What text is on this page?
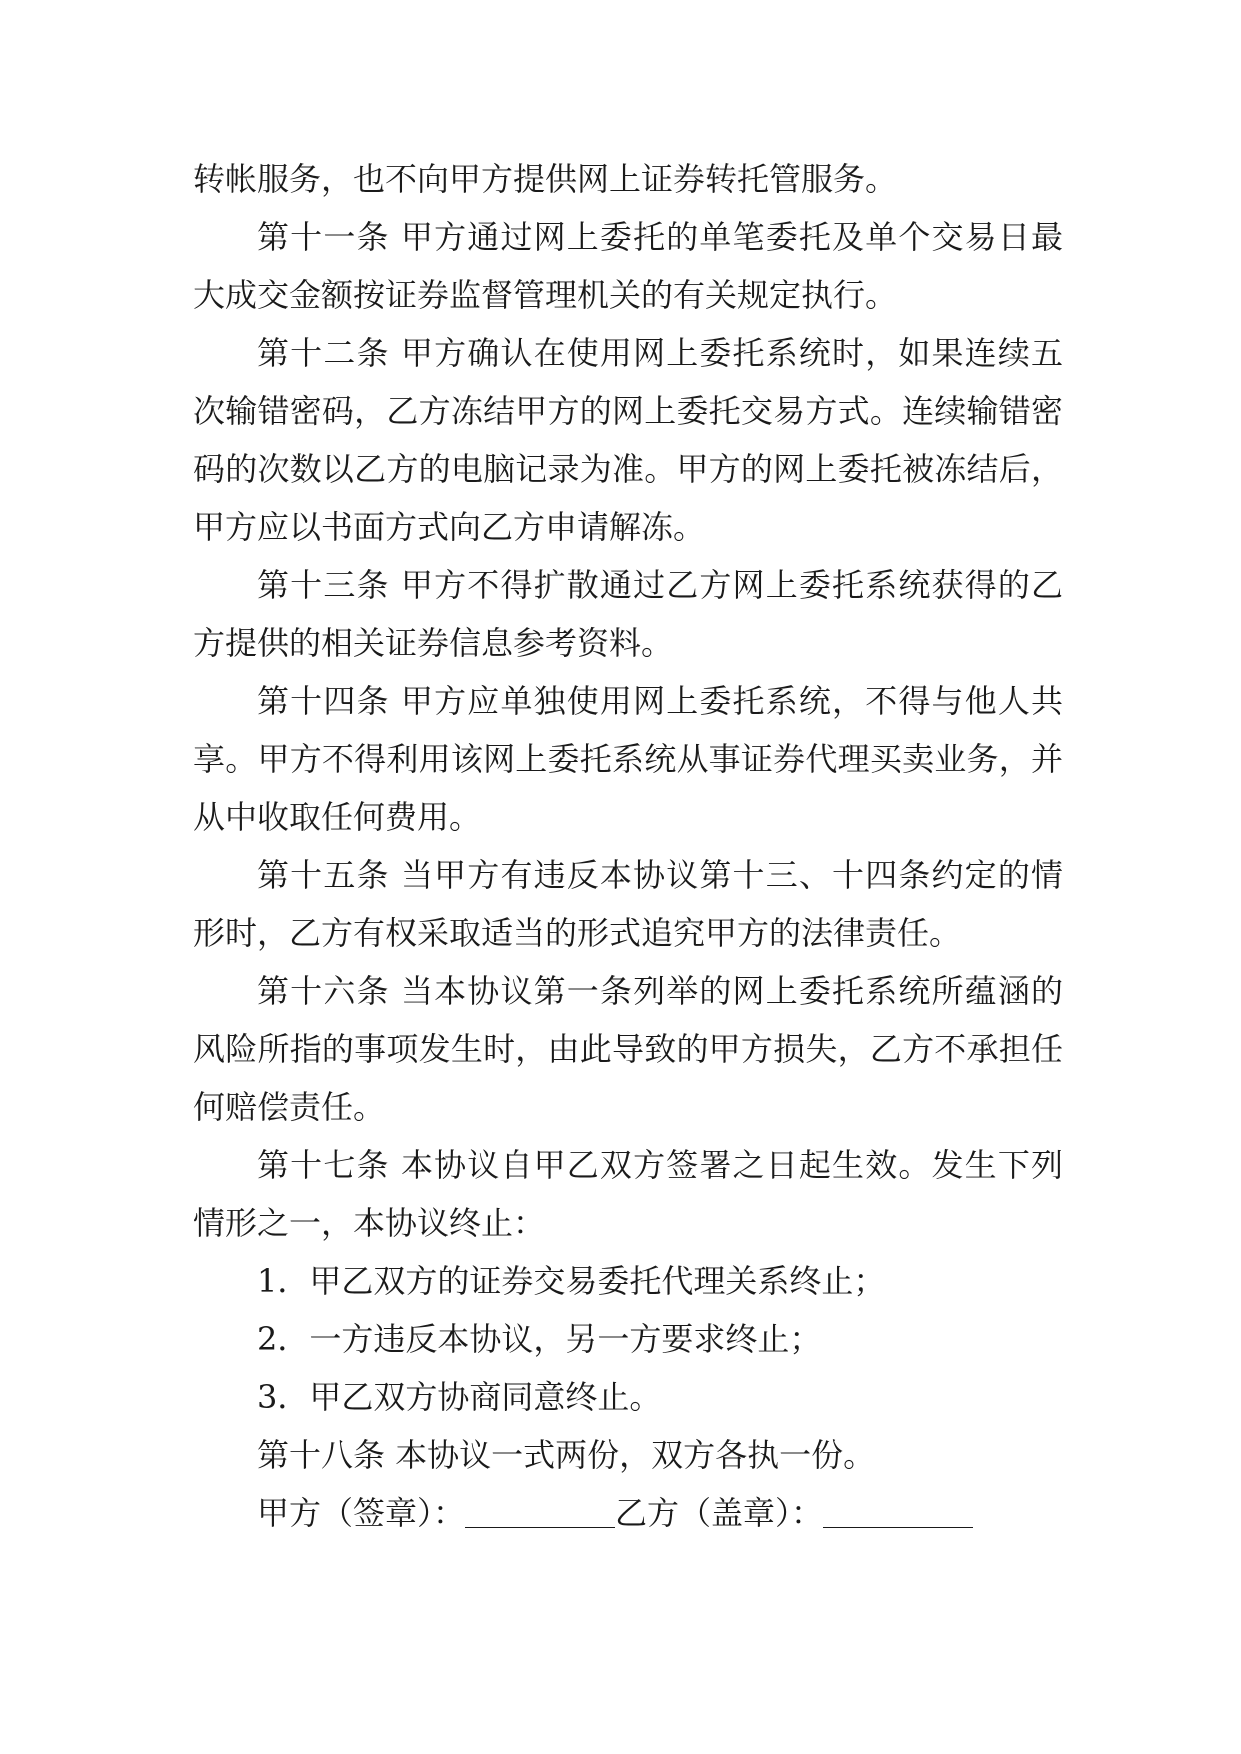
转帐服务，也不向甲方提供网上证券转托管服务。

第十一条 甲方通过网上委托的单笔委托及单个交易日最大成交金额按证券监督管理机关的有关规定执行。

第十二条 甲方确认在使用网上委托系统时，如果连续五次输错密码，乙方冻结甲方的网上委托交易方式。连续输错密码的次数以乙方的电脑记录为准。甲方的网上委托被冻结后，甲方应以书面方式向乙方申请解冻。

第十三条 甲方不得扩散通过乙方网上委托系统获得的乙方提供的相关证券信息参考资料。

第十四条 甲方应单独使用网上委托系统，不得与他人共享。甲方不得利用该网上委托系统从事证券代理买卖业务，并从中收取任何费用。

第十五条 当甲方有违反本协议第十三、十四条约定的情形时，乙方有权采取适当的形式追究甲方的法律责任。

第十六条 当本协议第一条列举的网上委托系统所蕴涵的风险所指的事项发生时，由此导致的甲方损失，乙方不承担任何赔偿责任。

第十七条 本协议自甲乙双方签署之日起生效。发生下列情形之一，本协议终止：

1．甲乙双方的证券交易委托代理关系终止；

2．一方违反本协议，另一方要求终止；

3．甲乙双方协商同意终止。

第十八条 本协议一式两份，双方各执一份。

甲方（签章）：	乙方（盖章）：
